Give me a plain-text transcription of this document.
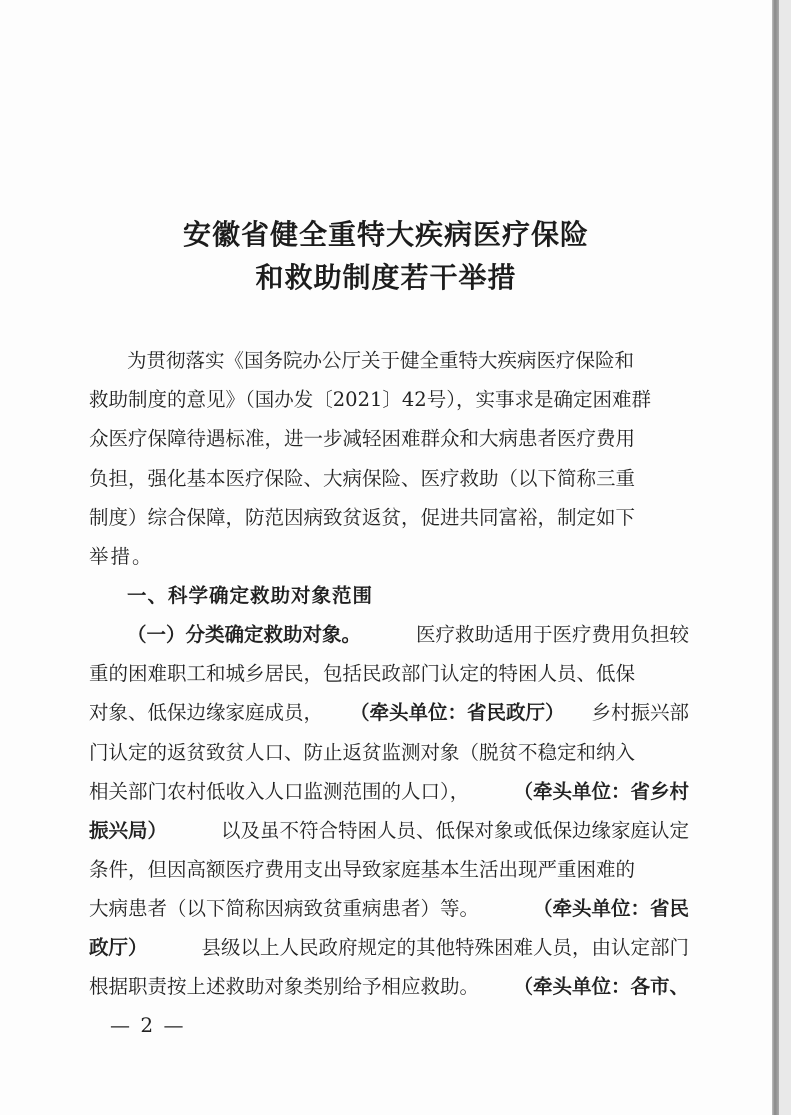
安徽省健全重特大疾病医疗保险
和救助制度若干举措
为贯彻落实《国务院办公厅关于健全重特大疾病医疗保险和
救助制度的意见》（国办发〔2021〕42号），实事求是确定困难群
众医疗保障待遇标准，进一步减轻困难群众和大病患者医疗费用
负担，强化基本医疗保险、大病保险、医疗救助（以下简称三重
制度）综合保障，防范因病致贫返贫，促进共同富裕，制定如下
举措。
一、科学确定救助对象范围
（一）分类确定救助对象。	医疗救助适用于医疗费用负担较
重的困难职工和城乡居民，包括民政部门认定的特困人员、低保
对象、低保边缘家庭成员， （牵头单位：省民政厅） 乡村振兴部
门认定的返贫致贫人口、防止返贫监测对象（脱贫不稳定和纳入
相关部门农村低收入人口监测范围的人口）， （牵头单位：省乡村
振兴局）	以及虽不符合特困人员、低保对象或低保边缘家庭认定
条件，但因高额医疗费用支出导致家庭基本生活出现严重困难的
大病患者（以下简称因病致贫重病患者）等。	（牵头单位：省民
政厅）	县级以上人民政府规定的其他特殊困难人员，由认定部门
根据职责按上述救助对象类别给予相应救助。 （牵头单位：各市、
— 2 —
